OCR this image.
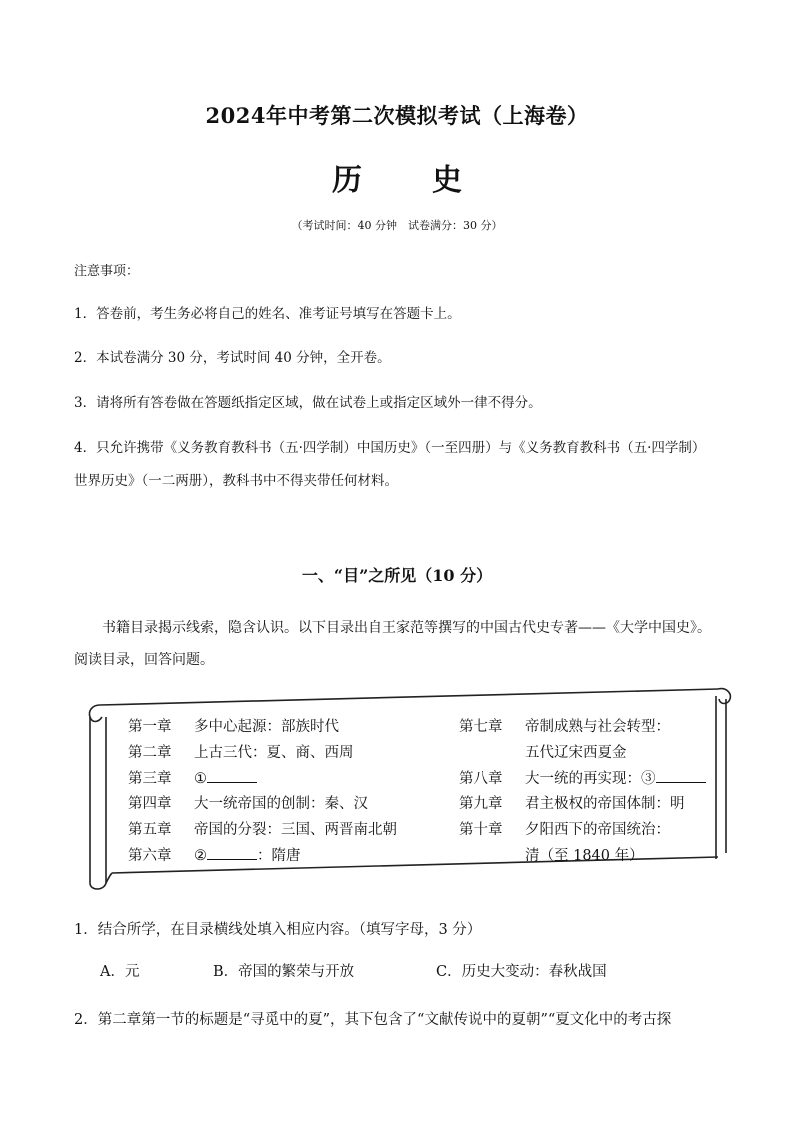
2024年中考第二次模拟考试（上海卷）
历　史
（考试时间：40 分钟　试卷满分：30 分）
注意事项：
1．答卷前，考生务必将自己的姓名、准考证号填写在答题卡上。
2．本试卷满分 30 分，考试时间 40 分钟，全开卷。
3．请将所有答卷做在答题纸指定区域，做在试卷上或指定区域外一律不得分。
4．只允许携带《义务教育教科书（五·四学制）中国历史》（一至四册）与《义务教育教科书（五·四学制）
世界历史》（一二两册），教科书中不得夹带任何材料。
一、“目”之所见（10 分）
书籍目录揭示线索，隐含认识。以下目录出自王家范等撰写的中国古代史专著——《大学中国史》。阅读目录，回答问题。
第一章 多中心起源：部族时代
第二章 上古三代：夏、商、西周
第三章 ①
第四章 大一统帝国的创制：秦、汉
第五章 帝国的分裂：三国、两晋南北朝
第六章 ②	：隋唐
第七章 帝制成熟与社会转型：
五代辽宋西夏金
第八章 大一统的再实现：③
第九章 君主极权的帝国体制：明
第十章 夕阳西下的帝国统治：
清（至 1840 年）
1．结合所学，在目录横线处填入相应内容。（填写字母，3 分）
A．元	B．帝国的繁荣与开放	C．历史大变动：春秋战国
2．第二章第一节的标题是“寻觅中的夏”，其下包含了“文献传说中的夏朝”“夏文化中的考古探
